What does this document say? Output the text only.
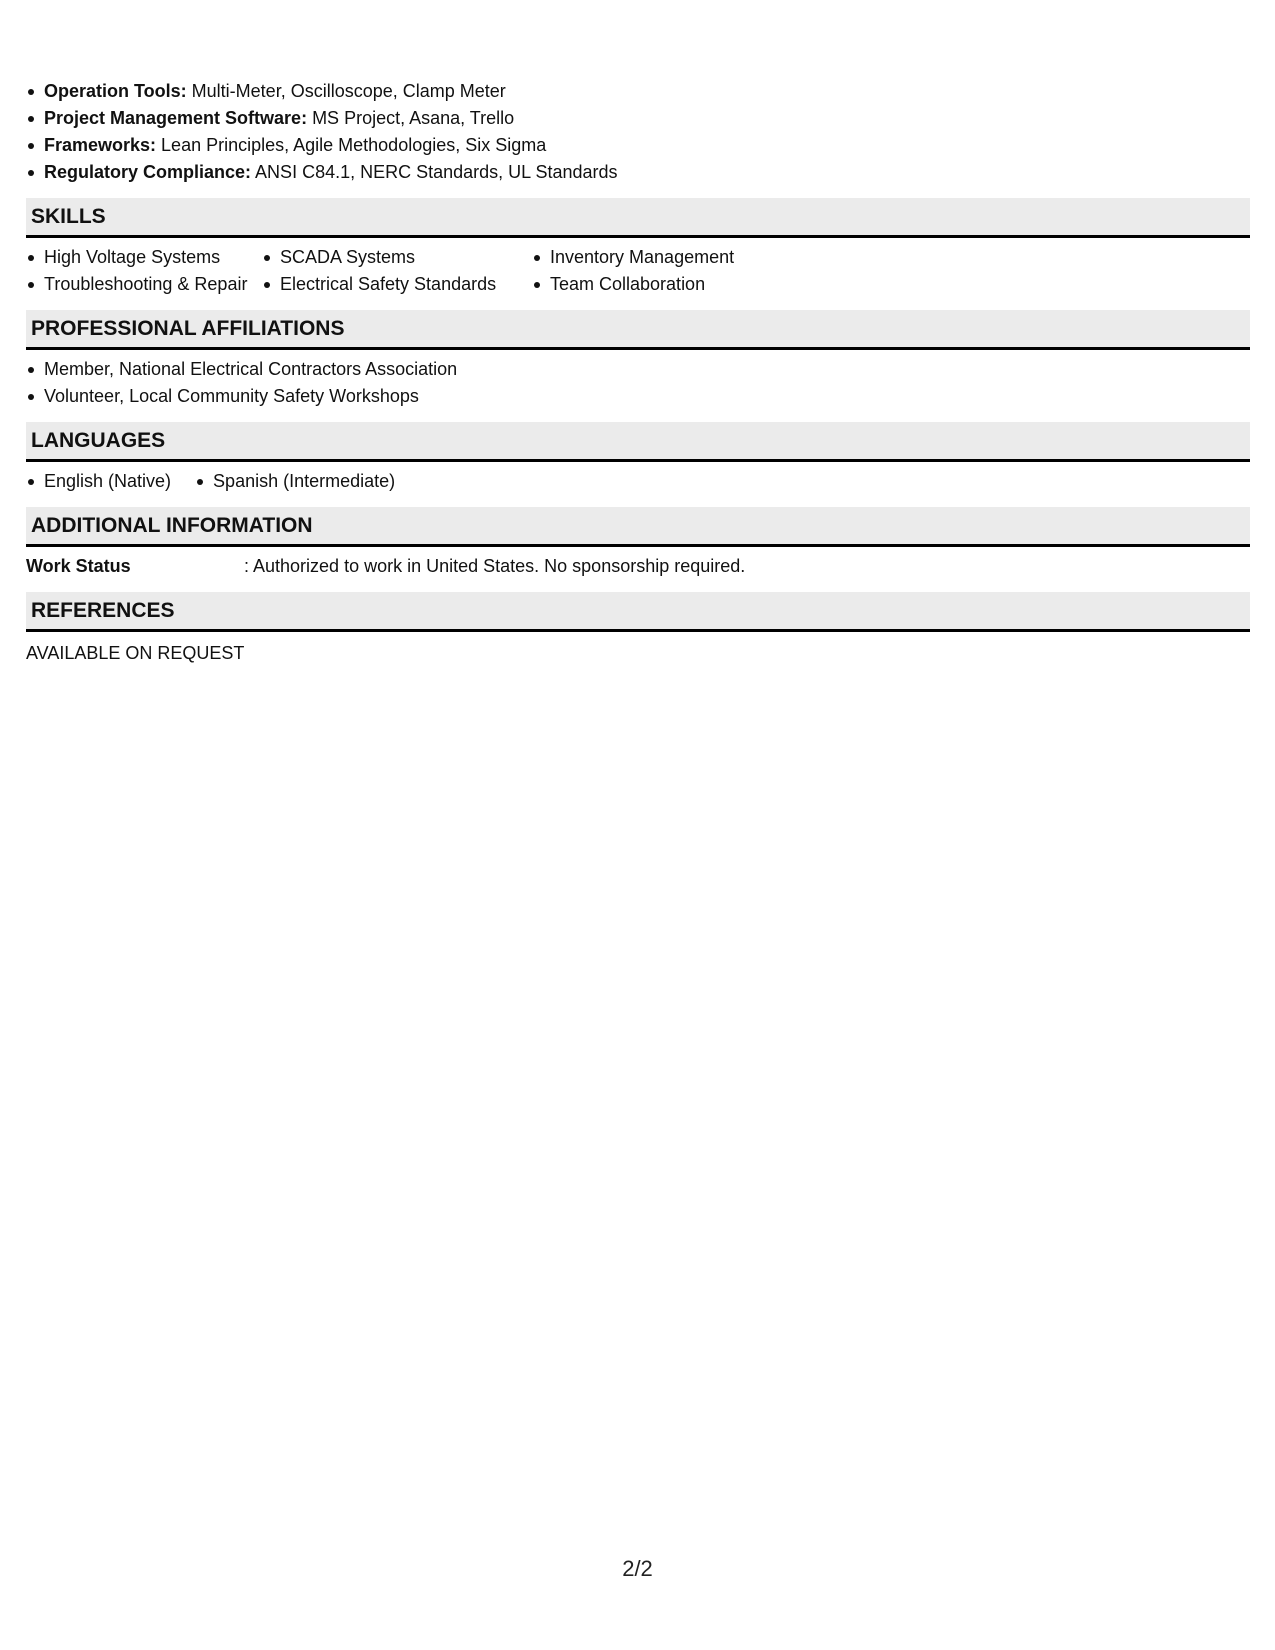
Operation Tools: Multi-Meter, Oscilloscope, Clamp Meter
Project Management Software: MS Project, Asana, Trello
Frameworks: Lean Principles, Agile Methodologies, Six Sigma
Regulatory Compliance: ANSI C84.1, NERC Standards, UL Standards
SKILLS
High Voltage Systems
Troubleshooting & Repair
SCADA Systems
Electrical Safety Standards
Inventory Management
Team Collaboration
PROFESSIONAL AFFILIATIONS
Member, National Electrical Contractors Association
Volunteer, Local Community Safety Workshops
LANGUAGES
English (Native)	Spanish (Intermediate)
ADDITIONAL INFORMATION
Work Status	: Authorized to work in United States. No sponsorship required.
REFERENCES
AVAILABLE ON REQUEST
2/2
